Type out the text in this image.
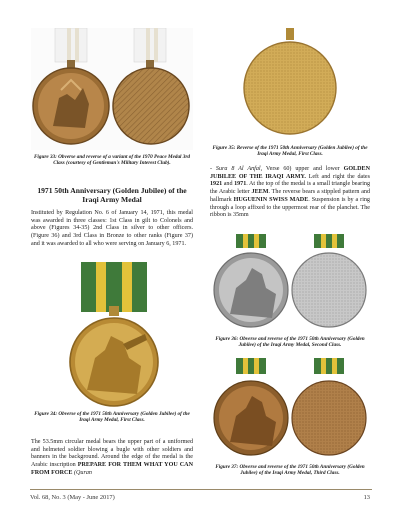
Figure 33: Obverse and reverse of a variant of the 1970 Peace Medal 3rd Class (courtesy of Gentleman's Military Interest Club).
1971 50th Anniversary (Golden Jubilee) of the Iraqi Army Medal

Instituted by Regulation No. 6 of January 14, 1971, this medal was awarded in three classes: 1st Class in gilt to Colonels and above (Figures 34-35) 2nd Class in silver to other officers. (Figure 36) and 3rd Class in Bronze to other ranks (Figure 37) and it was awarded to all who were serving on January 6, 1971.

Figure 34: Obverse of the 1971 50th Anniversary (Golden Jubilee) of the Iraqi Army Medal, First Class.

The 53.5mm circular medal bears the upper part of a uniformed and helmeted soldier blowing a bugle with other soldiers and banners in the background. Around the edge of the medal is the Arabic inscription PREPARE FOR THEM WHAT YOU CAN FROM FORCE (Quran

Figure 35: Reverse of the 1971 50th Anniversary (Golden Jubilee) of the Iraqi Army Medal, First Class.

- Sura 8 Al Anfal, Verse 60) upper and lower GOLDEN JUBILEE OF THE IRAQI ARMY. Left and right the dates 1921 and 1971. At the top of the medal is a small triangle bearing the Arabic letter JEEM. The reverse bears a stippled pattern and hallmark HUGUENIN SWISS MADE. Suspension is by a ring through a loop affixed to the uppermost rear of the planchet. The ribbon is 35mm

Figure 36: Obverse and reverse of the 1971 50th Anniversary (Golden Jubilee) of the Iraqi Army Medal, Second Class.
Figure 37: Obverse and reverse of the 1971 50th Anniversary (Golden Jubilee) of the Iraqi Army Medal, Third Class.
Vol. 68, No. 3 (May - June 2017)	13
